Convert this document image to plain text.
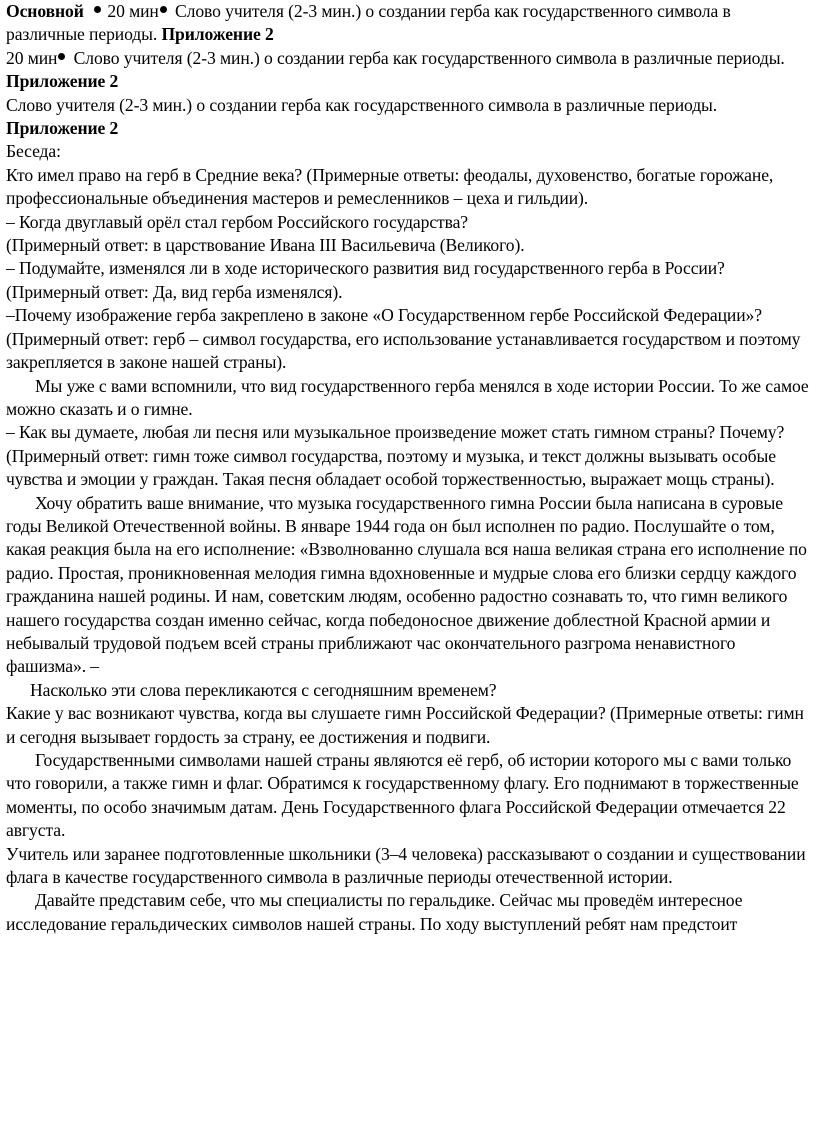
Основной  20 мин Слово учителя (2-3 мин.) о создании герба как государственного символа в различные периоды. Приложение 2

20 мин Слово учителя (2-3 мин.) о создании герба как государственного символа в различные периоды. Приложение 2

Слово учителя (2-3 мин.) о создании герба как государственного символа в различные периоды. Приложение 2

Беседа:

Кто имел право на герб в Средние века? (Примерные ответы: феодалы, духовенство, богатые горожане, профессиональные объединения мастеров и ремесленников – цеха и гильдии).

– Когда двуглавый орёл стал гербом Российского государства?

(Примерный ответ: в царствование Ивана III Васильевича (Великого).

– Подумайте, изменялся ли в ходе исторического развития вид государственного герба в России?

(Примерный ответ: Да, вид герба изменялся).

–Почему изображение герба закреплено в законе «О Государственном гербе Российской Федерации»?

(Примерный ответ: герб – символ государства, его использование устанавливается государством и поэтому закрепляется в законе нашей страны).

Мы уже с вами вспомнили, что вид государственного герба менялся в ходе истории России. То же самое можно сказать и о гимне.

– Как вы думаете, любая ли песня или музыкальное произведение может стать гимном страны? Почему?

(Примерный ответ: гимн тоже символ государства, поэтому и музыка, и текст должны вызывать особые чувства и эмоции у граждан. Такая песня обладает особой торжественностью, выражает мощь страны).

Хочу обратить ваше внимание, что музыка государственного гимна России была написана в суровые годы Великой Отечественной войны. В январе 1944 года он был исполнен по радио. Послушайте о том, какая реакция была на его исполнение: «Взволнованно слушала вся наша великая страна его исполнение по радио. Простая, проникновенная мелодия гимна вдохновенные и мудрые слова его близки сердцу каждого гражданина нашей родины. И нам, советским людям, особенно радостно сознавать то, что гимн великого нашего государства создан именно сейчас, когда победоносное движение доблестной Красной армии и небывалый трудовой подъем всей страны приближают час окончательного разгрома ненавистного фашизма». –

Насколько эти слова перекликаются с сегодняшним временем?

Какие у вас возникают чувства, когда вы слушаете гимн Российской Федерации? (Примерные ответы: гимн и сегодня вызывает гордость за страну, ее достижения и подвиги.

Государственными символами нашей страны являются её герб, об истории которого мы с вами только что говорили, а также гимн и флаг. Обратимся к государственному флагу. Его поднимают в торжественные моменты, по особо значимым датам. День Государственного флага Российской Федерации отмечается 22 августа.

Учитель или заранее подготовленные школьники (3–4 человека) рассказывают о создании и существовании флага в качестве государственного символа в различные периоды отечественной истории.

Давайте представим себе, что мы специалисты по геральдике. Сейчас мы проведём интересное исследование геральдических символов нашей страны. По ходу выступлений ребят нам предстоит
